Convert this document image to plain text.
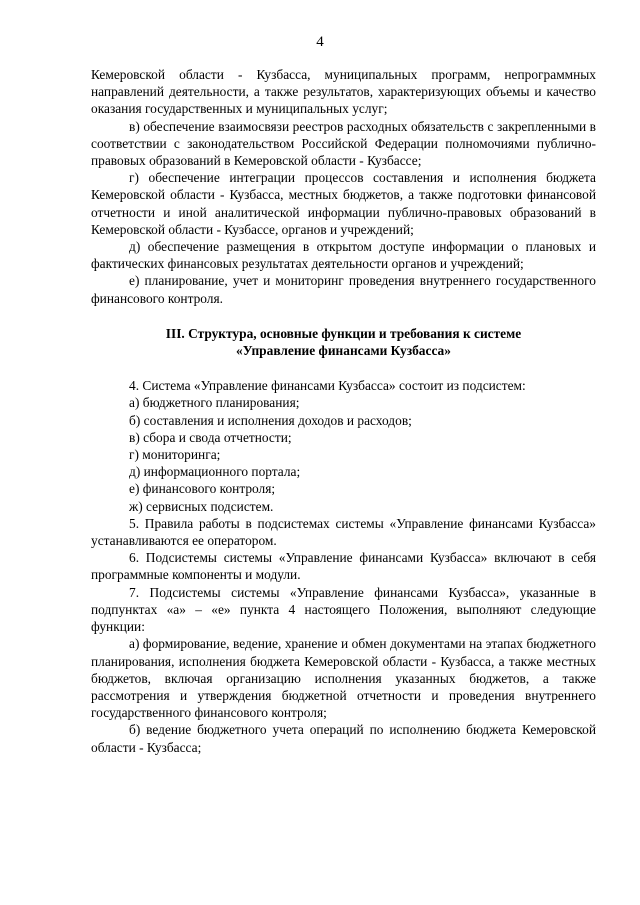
4

Кемеровской области - Кузбасса, муниципальных программ, непрограммных направлений деятельности, а также результатов, характеризующих объемы и качество оказания государственных и муниципальных услуг;

в) обеспечение взаимосвязи реестров расходных обязательств с закрепленными в соответствии с законодательством Российской Федерации полномочиями публично-правовых образований в Кемеровской области - Кузбассе;

г) обеспечение интеграции процессов составления и исполнения бюджета Кемеровской области - Кузбасса, местных бюджетов, а также подготовки финансовой отчетности и иной аналитической информации публично-правовых образований в Кемеровской области - Кузбассе, органов и учреждений;

д) обеспечение размещения в открытом доступе информации о плановых и фактических финансовых результатах деятельности органов и учреждений;

е) планирование, учет и мониторинг проведения внутреннего государственного финансового контроля.

III. Структура, основные функции и требования к системе

«Управление финансами Кузбасса»

4. Система «Управление финансами Кузбасса» состоит из подсистем:

а) бюджетного планирования;

б) составления и исполнения доходов и расходов;

в) сбора и свода отчетности;

г) мониторинга;

д) информационного портала;

е) финансового контроля;

ж) сервисных подсистем.

5. Правила работы в подсистемах системы «Управление финансами Кузбасса» устанавливаются ее оператором.

6. Подсистемы системы «Управление финансами Кузбасса» включают в себя программные компоненты и модули.

7. Подсистемы системы «Управление финансами Кузбасса», указанные в подпунктах «а» – «е» пункта 4 настоящего Положения, выполняют следующие функции:

а) формирование, ведение, хранение и обмен документами на этапах бюджетного планирования, исполнения бюджета Кемеровской области - Кузбасса, а также местных бюджетов, включая организацию исполнения указанных бюджетов, а также рассмотрения и утверждения бюджетной отчетности и проведения внутреннего государственного финансового контроля;

б) ведение бюджетного учета операций по исполнению бюджета Кемеровской области - Кузбасса;
